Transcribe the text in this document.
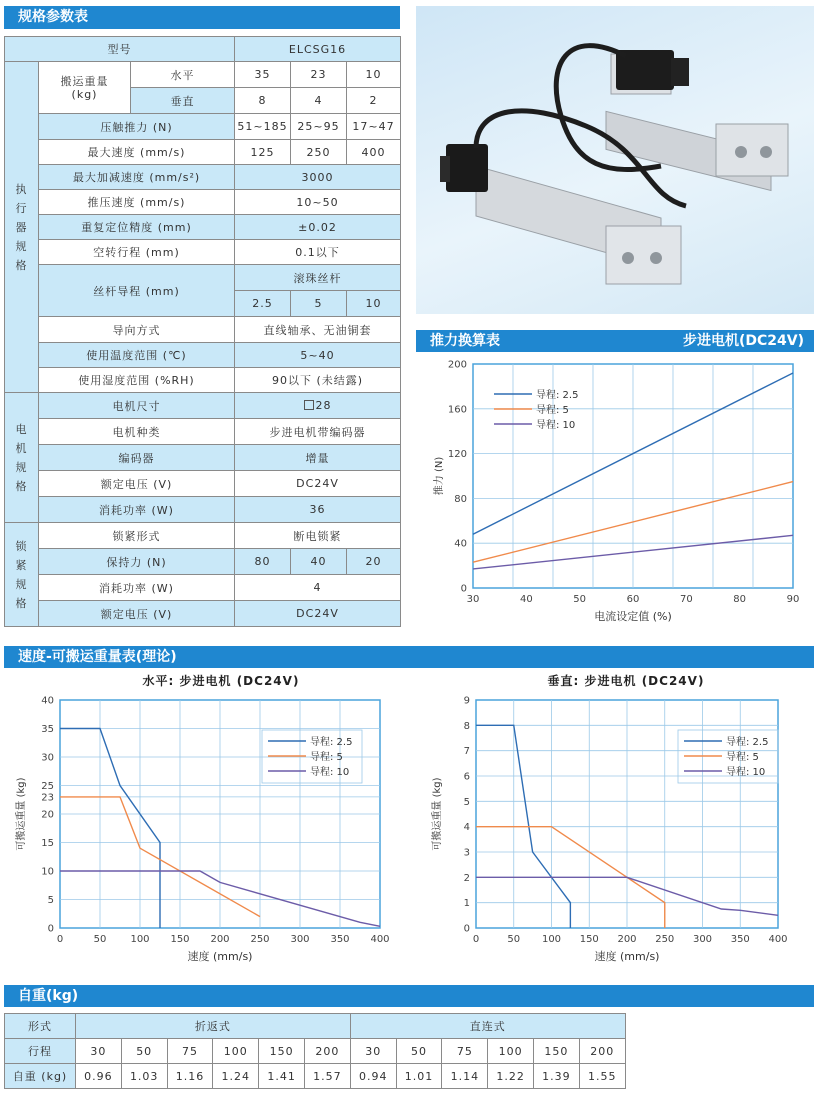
规格参数表
型号			ELCSG16		
执行器规格	搬运重量
(kg)	水平	35	23	10
		垂直	8	4	2
	压触推力 (N)		51~185	25~95	17~47
	最大速度 (mm/s)		125	250	400
	最大加减速度 (mm/s²)		3000		
	推压速度 (mm/s)		10~50		
	重复定位精度 (mm)		±0.02		
	空转行程 (mm)		0.1以下		
	丝杆导程 (mm)		滚珠丝杆		
			2.5	5	10
	导向方式		直线轴承、无油铜套		
	使用温度范围 (℃)		5~40		
	使用湿度范围 (%RH)		90以下 (未结露)		
电机规格	电机尺寸		28		
	电机种类		步进电机带编码器		
	编码器		增量		
	额定电压 (V)		DC24V		
	消耗功率 (W)		36		
锁紧规格	锁紧形式		断电锁紧		
	保持力 (N)		80	40	20
	消耗功率 (W)		4		
	额定电压 (V)		DC24V		
推力换算表	步进电机(DC24V)
30	40	50	60	70	80	90
0
40
80
120
160
200
电流设定值 (%)
推力 (N)
导程: 2.5
导程: 5
导程: 10
速度-可搬运重量表(理论)
水平: 步进电机 (DC24V)
0	50 100 150 200 250 300 350 400
0
5
10
15
20
23
25
30
35
40
速度 (mm/s)
可搬运重量 (kg)
导程: 2.5
导程: 5
导程: 10
垂直: 步进电机 (DC24V)
0	50 100 150 200 250 300 350 400
0
1
2
3
4
5
6
7
8
9
速度 (mm/s)
可搬运重量 (kg)
导程: 2.5
导程: 5
导程: 10
自重(kg)
形式	折返式						直连式					
行程	30	50	75	100	150	200	30	50	75	100	150	200
自重 (kg)	0.96	1.03	1.16	1.24	1.41	1.57	0.94	1.01	1.14	1.22	1.39	1.55
